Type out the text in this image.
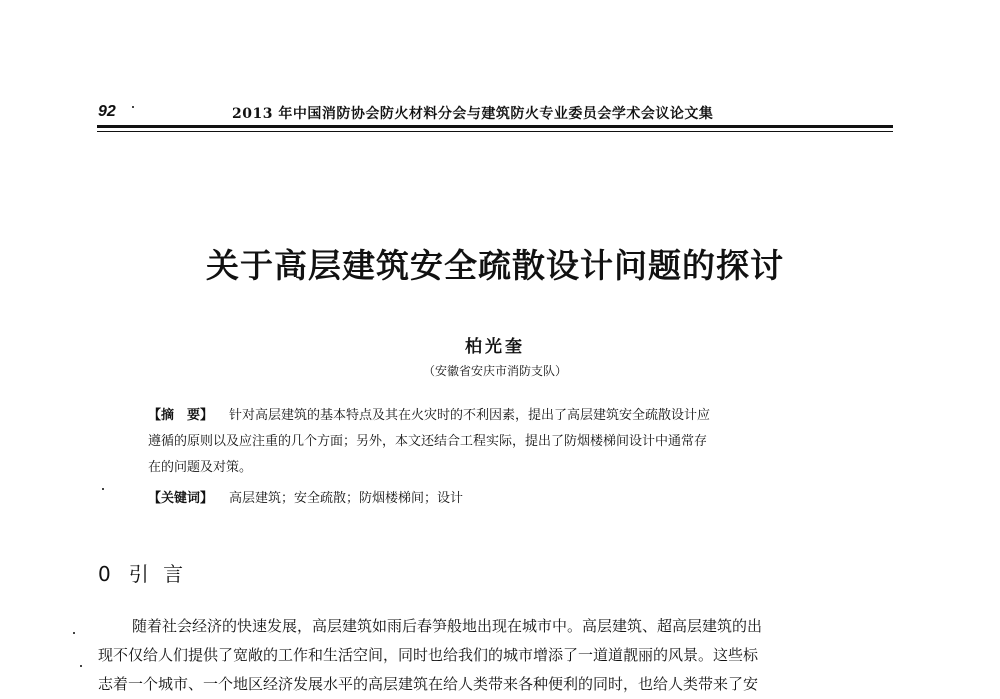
92	2013 年中国消防协会防火材料分会与建筑防火专业委员会学术会议论文集
关于高层建筑安全疏散设计问题的探讨
柏光奎
（安徽省安庆市消防支队）
【摘　要】 针对高层建筑的基本特点及其在火灾时的不利因素，提出了高层建筑安全疏散设计应
遵循的原则以及应注重的几个方面；另外，本文还结合工程实际，提出了防烟楼梯间设计中通常存
在的问题及对策。
【关键词】 高层建筑；安全疏散；防烟楼梯间；设计
0 引 言
随着社会经济的快速发展，高层建筑如雨后春笋般地出现在城市中。高层建筑、超高层建筑的出
现不仅给人们提供了宽敞的工作和生活空间，同时也给我们的城市增添了一道道靓丽的风景。这些标
志着一个城市、一个地区经济发展水平的高层建筑在给人类带来各种便利的同时，也给人类带来了安
